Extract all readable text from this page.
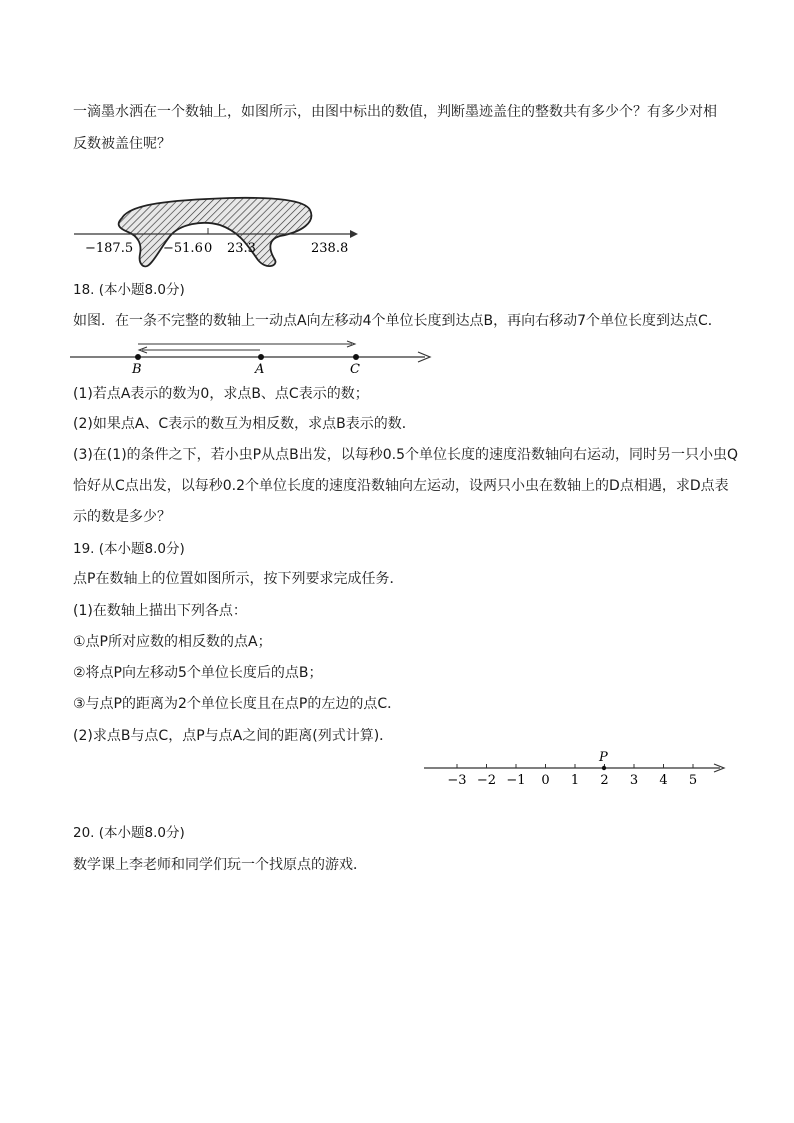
一滴墨水洒在一个数轴上，如图所示，由图中标出的数值，判断墨迹盖住的整数共有多少个？有多少对相
反数被盖住呢？
−187.5 −51.6 0 23.3	238.8
18. (本小题8.0分)
如图．在一条不完整的数轴上一动点A向左移动4个单位长度到达点B，再向右移动7个单位长度到达点C．
B	A	C
(1)若点A表示的数为0，求点B、点C表示的数；
(2)如果点A、C表示的数互为相反数，求点B表示的数．
(3)在(1)的条件之下，若小虫P从点B出发，以每秒0.5个单位长度的速度沿数轴向右运动，同时另一只小虫Q
恰好从C点出发，以每秒0.2个单位长度的速度沿数轴向左运动，设两只小虫在数轴上的D点相遇，求D点表
示的数是多少？
19. (本小题8.0分)
点P在数轴上的位置如图所示，按下列要求完成任务．
(1)在数轴上描出下列各点：
①点P所对应数的相反数的点A；
②将点P向左移动5个单位长度后的点B；
③与点P的距离为2个单位长度且在点P的左边的点C．
(2)求点B与点C，点P与点A之间的距离(列式计算)．
−3 −2 −1 0 1 2 3 4 5
P
20. (本小题8.0分)
数学课上李老师和同学们玩一个找原点的游戏．
